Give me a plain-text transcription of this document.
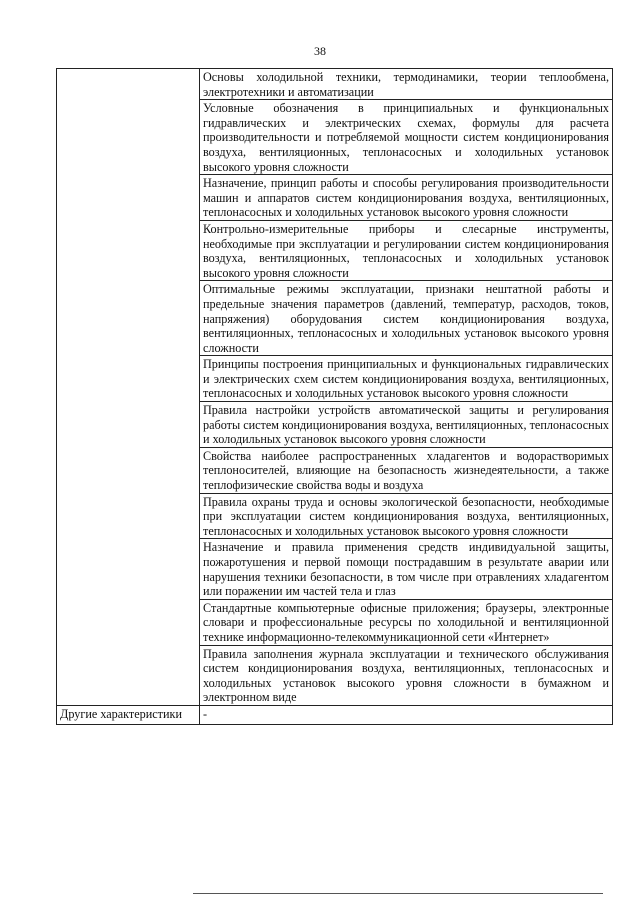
38
	Основы холодильной техники, термодинамики, теории теплообмена, электротехники и автоматизации
	Условные обозначения в принципиальных и функциональных гидравлических и электрических схемах, формулы для расчета производительности и потребляемой мощности систем кондиционирования воздуха, вентиляционных, теплонасосных и холодильных установок высокого уровня сложности
	Назначение, принцип работы и способы регулирования производительности машин и аппаратов систем кондиционирования воздуха, вентиляционных, теплонасосных и холодильных установок высокого уровня сложности
	Контрольно-измерительные приборы и слесарные инструменты, необходимые при эксплуатации и регулировании систем кондиционирования воздуха, вентиляционных, теплонасосных и холодильных установок высокого уровня сложности
	Оптимальные режимы эксплуатации, признаки нештатной работы и предельные значения параметров (давлений, температур, расходов, токов, напряжения) оборудования систем кондиционирования воздуха, вентиляционных, теплонасосных и холодильных установок высокого уровня сложности
	Принципы построения принципиальных и функциональных гидравлических и электрических схем систем кондиционирования воздуха, вентиляционных, теплонасосных и холодильных установок высокого уровня сложности
	Правила настройки устройств автоматической защиты и регулирования работы систем кондиционирования воздуха, вентиляционных, теплонасосных и холодильных установок высокого уровня сложности
	Свойства наиболее распространенных хладагентов и водорастворимых теплоносителей, влияющие на безопасность жизнедеятельности, а также теплофизические свойства воды и воздуха
	Правила охраны труда и основы экологической безопасности, необходимые при эксплуатации систем кондиционирования воздуха, вентиляционных, теплонасосных и холодильных установок высокого уровня сложности
	Назначение и правила применения средств индивидуальной защиты, пожаротушения и первой помощи пострадавшим в результате аварии или нарушения техники безопасности, в том числе при отравлениях хладагентом или поражении им частей тела и глаз
	Стандартные компьютерные офисные приложения; браузеры, электронные словари и профессиональные ресурсы по холодильной и вентиляционной технике информационно-телекоммуникационной сети «Интернет»
	Правила заполнения журнала эксплуатации и технического обслуживания систем кондиционирования воздуха, вентиляционных, теплонасосных и холодильных установок высокого уровня сложности в бумажном и электронном виде
Другие характеристики	-
